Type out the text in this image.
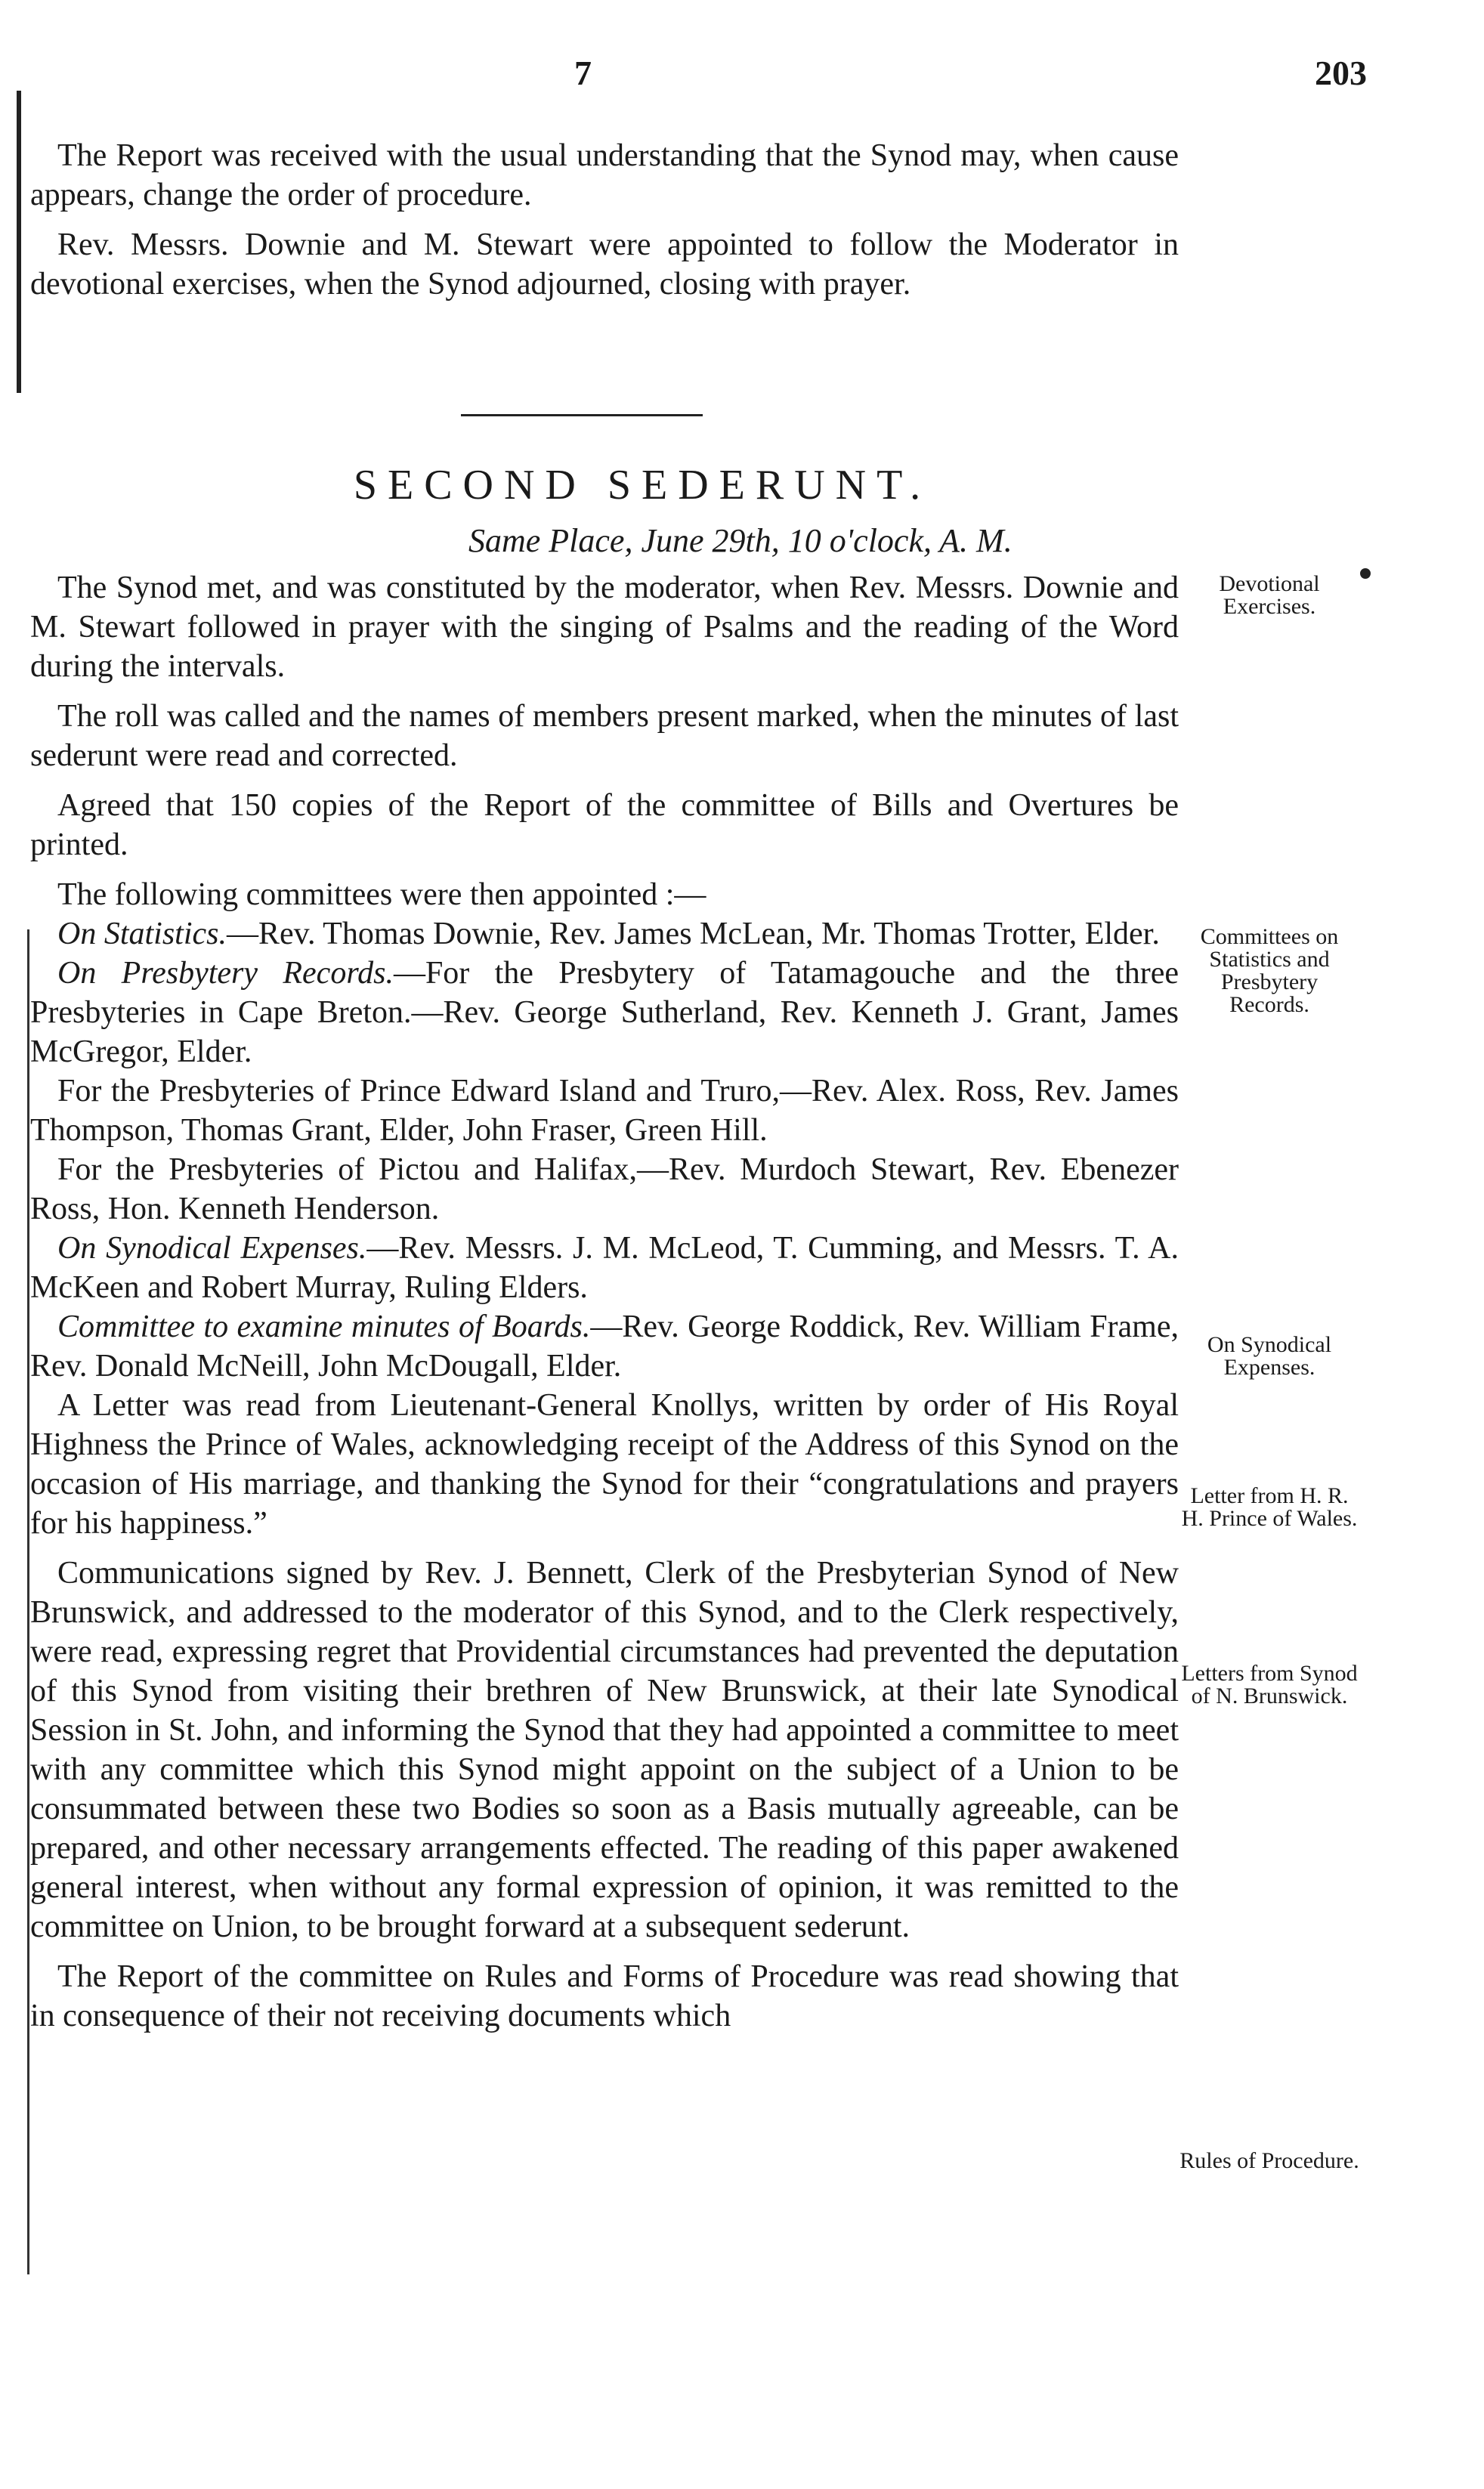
7	203

The Report was received with the usual understanding that the Synod may, when cause appears, change the order of procedure.

Rev. Messrs. Downie and M. Stewart were appointed to follow the Moderator in devotional exercises, when the Synod adjourned, closing with prayer.

SECOND SEDERUNT.
Same Place, June 29th, 10 o'clock, A. M.

The Synod met, and was constituted by the moderator, when Rev. Messrs. Downie and M. Stewart followed in prayer with the singing of Psalms and the reading of the Word during the intervals.

The roll was called and the names of members present marked, when the minutes of last sederunt were read and corrected.

Agreed that 150 copies of the Report of the committee of Bills and Overtures be printed.

The following committees were then appointed :—

On Statistics.—Rev. Thomas Downie, Rev. James McLean, Mr. Thomas Trotter, Elder.

On Presbytery Records.—For the Presbytery of Tatamagouche and the three Presbyteries in Cape Breton.—Rev. George Sutherland, Rev. Kenneth J. Grant, James McGregor, Elder.

For the Presbyteries of Prince Edward Island and Truro,—Rev. Alex. Ross, Rev. James Thompson, Thomas Grant, Elder, John Fraser, Green Hill.

For the Presbyteries of Pictou and Halifax,—Rev. Murdoch Stewart, Rev. Ebenezer Ross, Hon. Kenneth Henderson.

On Synodical Expenses.—Rev. Messrs. J. M. McLeod, T. Cumming, and Messrs. T. A. McKeen and Robert Murray, Ruling Elders.

Committee to examine minutes of Boards.—Rev. George Roddick, Rev. William Frame, Rev. Donald McNeill, John McDougall, Elder.

A Letter was read from Lieutenant-General Knollys, written by order of His Royal Highness the Prince of Wales, acknowledging receipt of the Address of this Synod on the occasion of His marriage, and thanking the Synod for their “congratulations and prayers for his happiness.”

Communications signed by Rev. J. Bennett, Clerk of the Presbyterian Synod of New Brunswick, and addressed to the moderator of this Synod, and to the Clerk respectively, were read, expressing regret that Providential circumstances had prevented the deputation of this Synod from visiting their brethren of New Brunswick, at their late Synodical Session in St. John, and informing the Synod that they had appointed a committee to meet with any committee which this Synod might appoint on the subject of a Union to be consummated between these two Bodies so soon as a Basis mutually agreeable, can be prepared, and other necessary arrangements effected. The reading of this paper awakened general interest, when without any formal expression of opinion, it was remitted to the committee on Union, to be brought forward at a subsequent sederunt.

The Report of the committee on Rules and Forms of Procedure was read showing that in consequence of their not receiving documents which

Devotional Exercises.
Committees on Statistics and Presbytery Records.
On Synodical Expenses.
Letter from H. R. H. Prince of Wales.
Letters from Synod of N. Brunswick.
Rules of Procedure.
